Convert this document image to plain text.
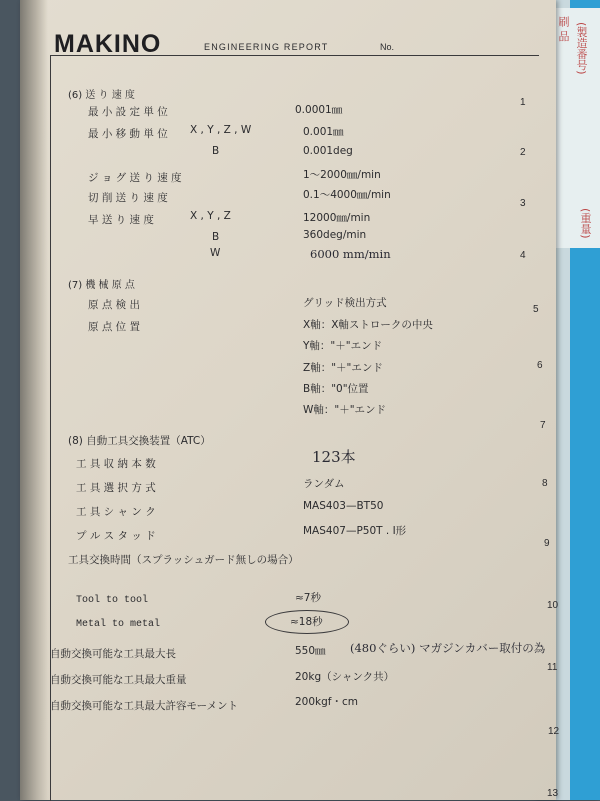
刷 品 (製造番号)
(重量)
MAKINO	ENGINEERING REPORT	No.
(6) 送 り 速 度
最 小 設 定 単 位	0.0001㎜
最 小 移 動 単 位 X , Y , Z , W	0.001㎜
B	0.001deg
ジ ョ グ 送 り 速 度	1〜2000㎜/min
切 削 送 り 速 度	0.1〜4000㎜/min
早 送 り 速 度	X , Y , Z	12000㎜/min
B	360deg/min
W	6000 mm/min
(7) 機 械 原 点
原 点 検 出	グリッド検出方式
原 点 位 置	X軸：X軸ストロークの中央
Y軸："＋"エンド
Z軸："＋"エンド
B軸："0"位置
W軸："＋"エンド
(8) 自動工具交換装置（ATC）
工 具 収 納 本 数	123本
工 具 選 択 方 式	ランダム
工 具 シ ャ ン ク	MAS403—BT50
プ ル ス タ ッ ド	MAS407—P50T . I形
工具交換時間（スプラッシュガード無しの場合）
Tool to tool	≈7秒
Metal to metal	≈18秒
自動交換可能な工具最大長	550㎜ (480ぐらい) マガジンカバー取付の為
自動交換可能な工具最大重量	20kg（シャンク共）
自動交換可能な工具最大許容モーメント	200kgf・cm
1
2
3
4
5
6
7
8
9
10
11
12
13
